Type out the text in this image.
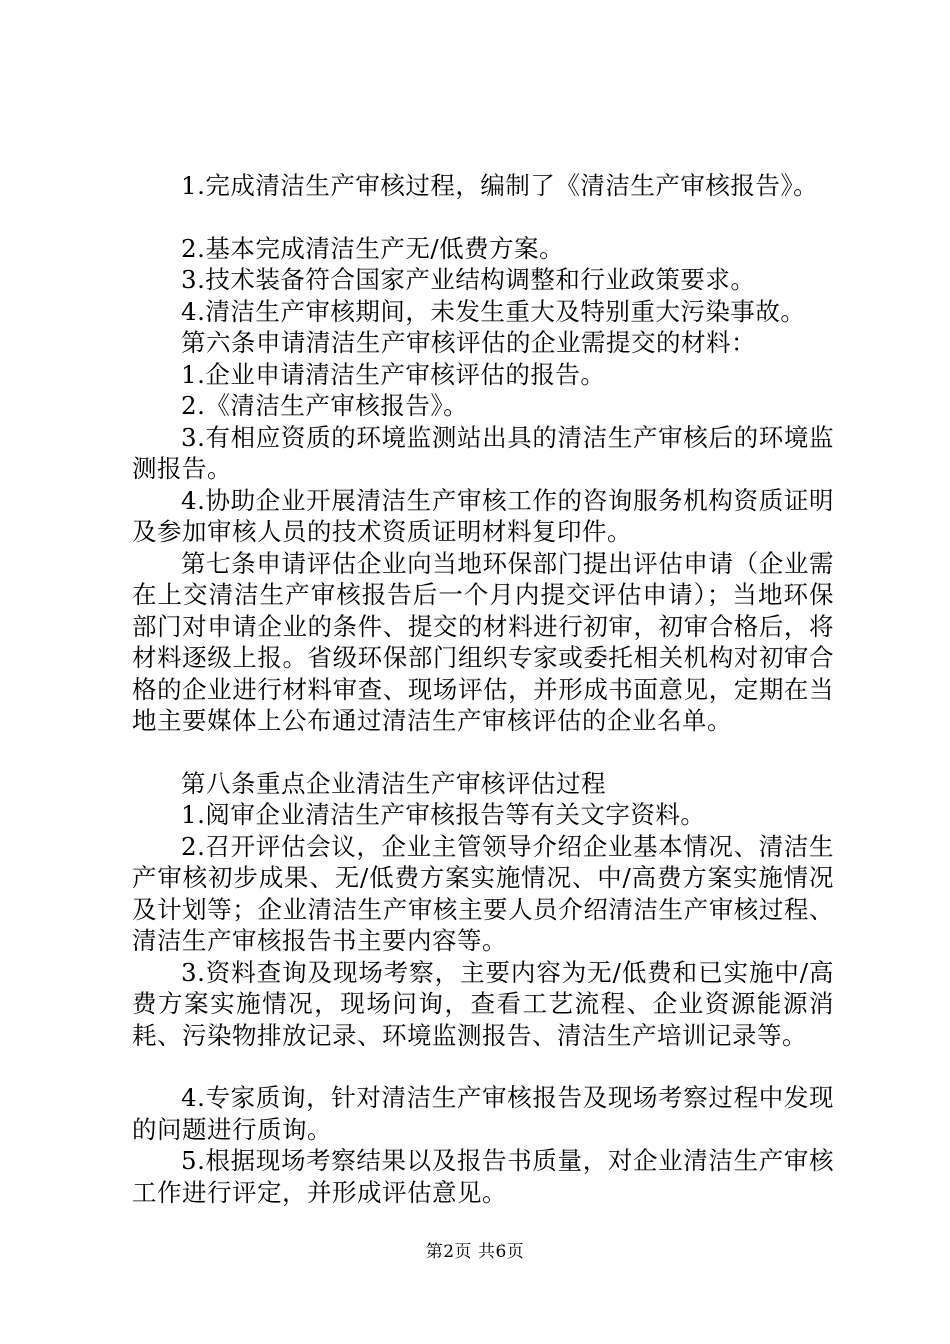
1.完成清洁生产审核过程，编制了《清洁生产审核报告》。

2.基本完成清洁生产无/低费方案。

3.技术装备符合国家产业结构调整和行业政策要求。

4.清洁生产审核期间，未发生重大及特别重大污染事故。

第六条申请清洁生产审核评估的企业需提交的材料：

1.企业申请清洁生产审核评估的报告。

2.《清洁生产审核报告》。

3.有相应资质的环境监测站出具的清洁生产审核后的环境监测报告。

4.协助企业开展清洁生产审核工作的咨询服务机构资质证明及参加审核人员的技术资质证明材料复印件。

第七条申请评估企业向当地环保部门提出评估申请（企业需在上交清洁生产审核报告后一个月内提交评估申请）；当地环保部门对申请企业的条件、提交的材料进行初审，初审合格后，将材料逐级上报。省级环保部门组织专家或委托相关机构对初审合格的企业进行材料审查、现场评估，并形成书面意见，定期在当地主要媒体上公布通过清洁生产审核评估的企业名单。

第八条重点企业清洁生产审核评估过程

1.阅审企业清洁生产审核报告等有关文字资料。

2.召开评估会议，企业主管领导介绍企业基本情况、清洁生产审核初步成果、无/低费方案实施情况、中/高费方案实施情况及计划等；企业清洁生产审核主要人员介绍清洁生产审核过程、清洁生产审核报告书主要内容等。

3.资料查询及现场考察，主要内容为无/低费和已实施中/高费方案实施情况，现场问询，查看工艺流程、企业资源能源消耗、污染物排放记录、环境监测报告、清洁生产培训记录等。

4.专家质询，针对清洁生产审核报告及现场考察过程中发现的问题进行质询。

5.根据现场考察结果以及报告书质量，对企业清洁生产审核工作进行评定，并形成评估意见。

第2页 共6页
